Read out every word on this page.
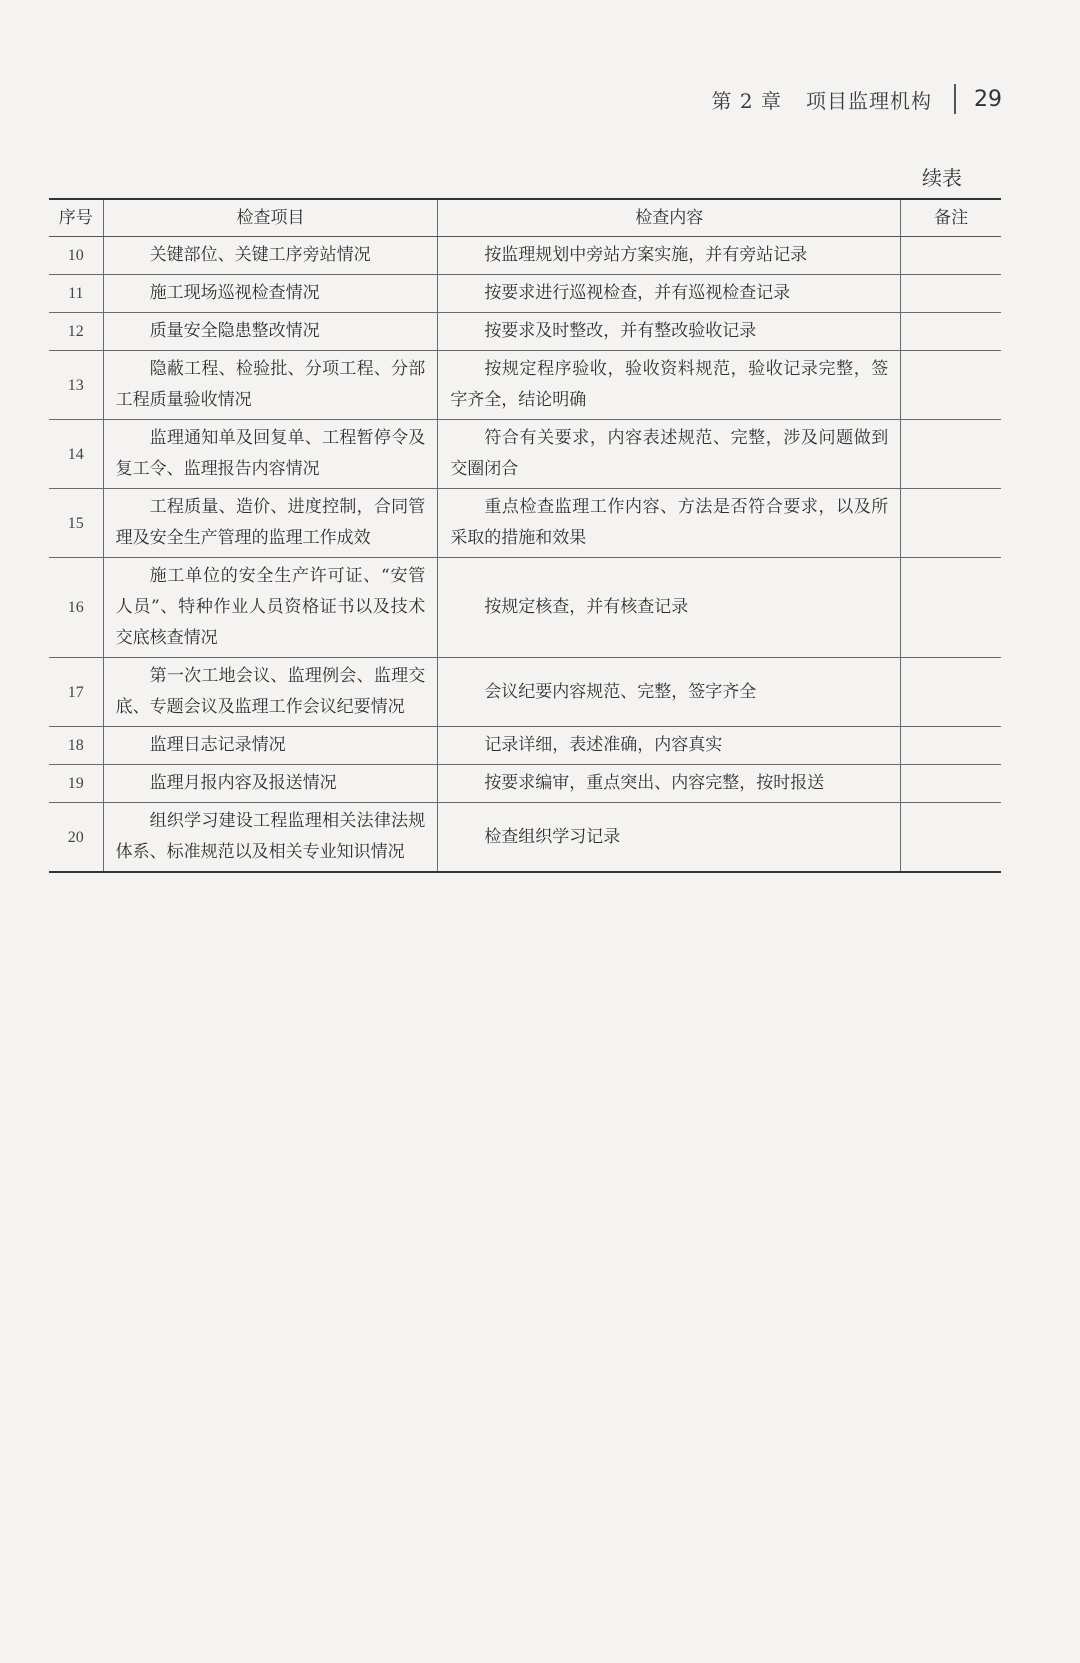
第 2 章 项目监理机构 29
续表
序号	检查项目	检查内容	备注
10	关键部位、关键工序旁站情况	按监理规划中旁站方案实施，并有旁站记录	
11	施工现场巡视检查情况	按要求进行巡视检查，并有巡视检查记录	
12	质量安全隐患整改情况	按要求及时整改，并有整改验收记录	
13	隐蔽工程、检验批、分项工程、分部工程质量验收情况	按规定程序验收，验收资料规范，验收记录完整，签字齐全，结论明确	
14	监理通知单及回复单、工程暂停令及复工令、监理报告内容情况	符合有关要求，内容表述规范、完整，涉及问题做到交圈闭合	
15	工程质量、造价、进度控制，合同管理及安全生产管理的监理工作成效	重点检查监理工作内容、方法是否符合要求，以及所采取的措施和效果	
16	施工单位的安全生产许可证、“安管人员”、特种作业人员资格证书以及技术交底核查情况	按规定核查，并有核查记录	
17	第一次工地会议、监理例会、监理交底、专题会议及监理工作会议纪要情况	会议纪要内容规范、完整，签字齐全	
18	监理日志记录情况	记录详细，表述准确，内容真实	
19	监理月报内容及报送情况	按要求编审，重点突出、内容完整，按时报送	
20	组织学习建设工程监理相关法律法规体系、标准规范以及相关专业知识情况	检查组织学习记录	
